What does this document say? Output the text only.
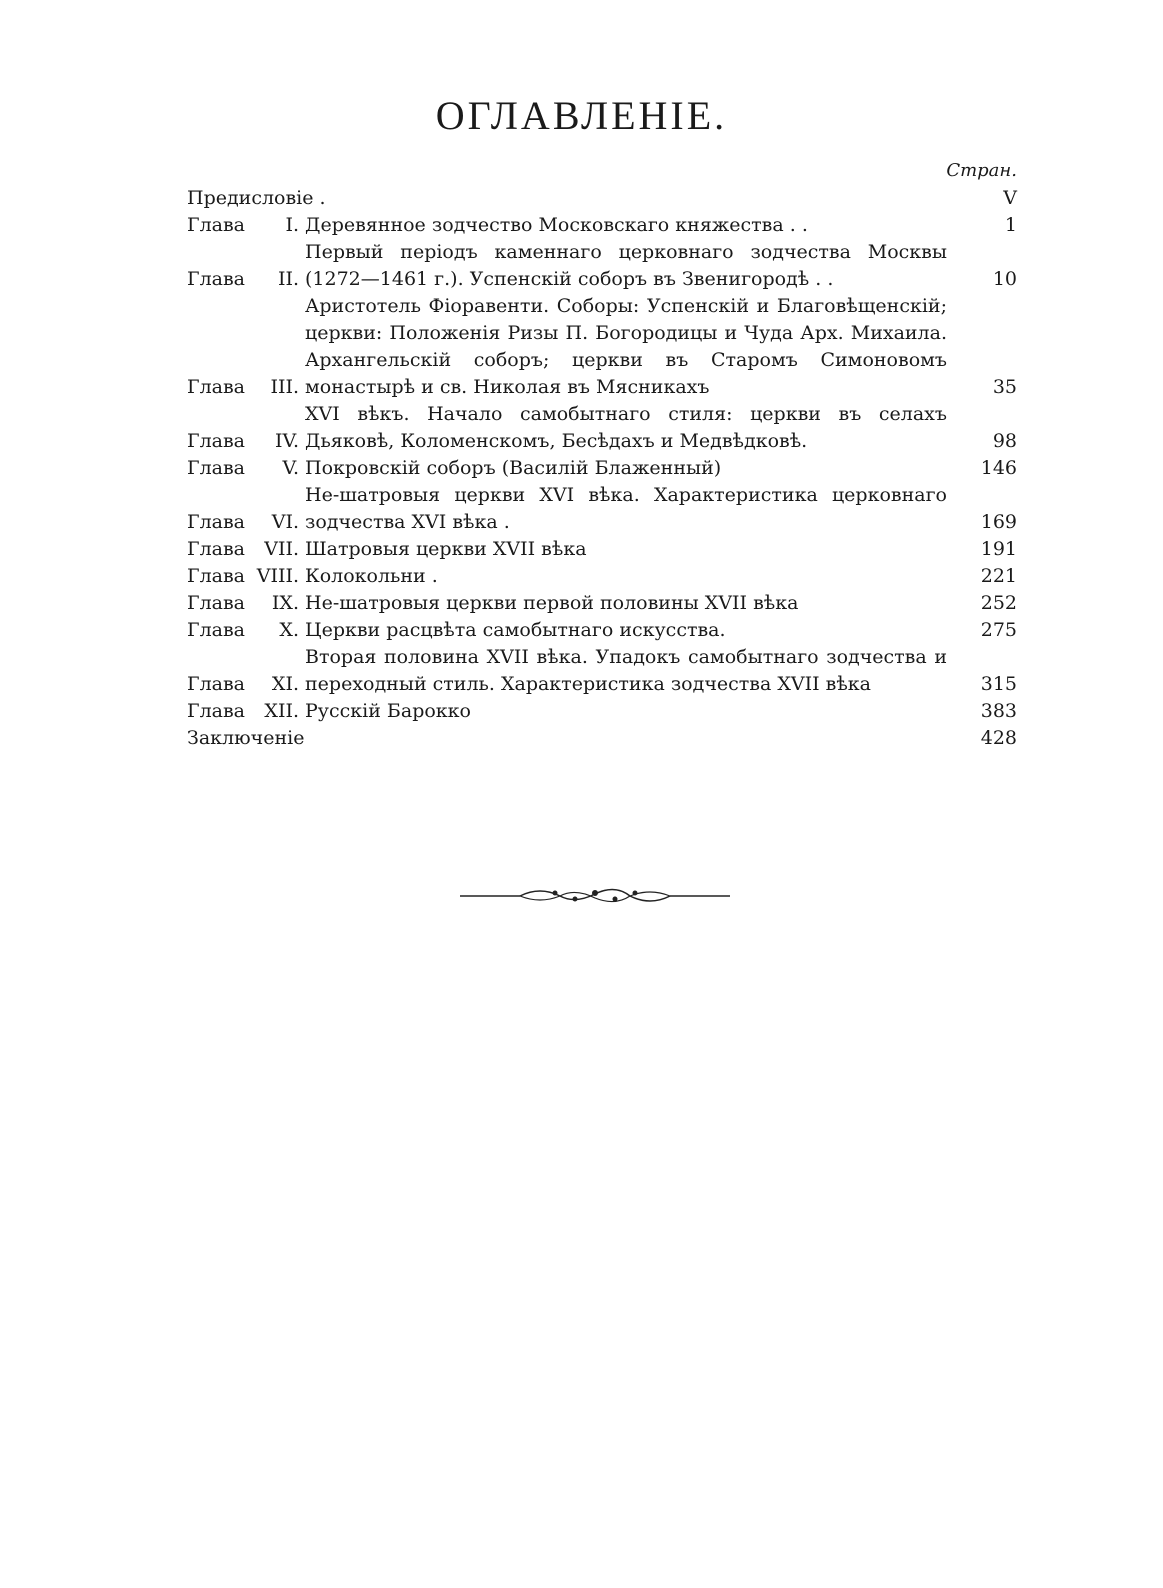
ОГЛАВЛЕНІЕ.
Стран.
Предисловіе .	V
Глава I. Деревянное зодчество Московскаго княжества . .	1
Глава II.
Первый періодъ каменнаго церковнаго зодчества Москвы (1272—1461 г.). Успенскій соборъ въ Звенигородѣ . .	10
Глава III.
Аристотель Фіоравенти. Соборы: Успенскій и Благовѣщенскій; церкви: Положенія Ризы П. Богородицы и Чуда Арх. Михаила. Архангельскій соборъ; церкви въ Старомъ Симоновомъ монастырѣ и св. Николая въ Мясникахъ	35
Глава IV.
XVI вѣкъ. Начало самобытнаго стиля: церкви въ селахъ Дьяковѣ, Коломенскомъ, Бесѣдахъ и Медвѣдковѣ.	98
Глава V. Покровскій соборъ (Василій Блаженный)	146
Глава VI.
Не-шатровыя церкви XVI вѣка. Характеристика церковнаго зодчества XVI вѣка .	169
Глава VII. Шатровыя церкви XVII вѣка	191
Глава VIII. Колокольни .	221
Глава IX. Не-шатровыя церкви первой половины XVII вѣка	252
Глава X. Церкви расцвѣта самобытнаго искусства.	275
Глава XI.
Вторая половина XVII вѣка. Упадокъ самобытнаго зодчества и переходный стиль. Характеристика зодчества XVII вѣка	315
Глава XII. Русскій Барокко	383
Заключеніе	428
